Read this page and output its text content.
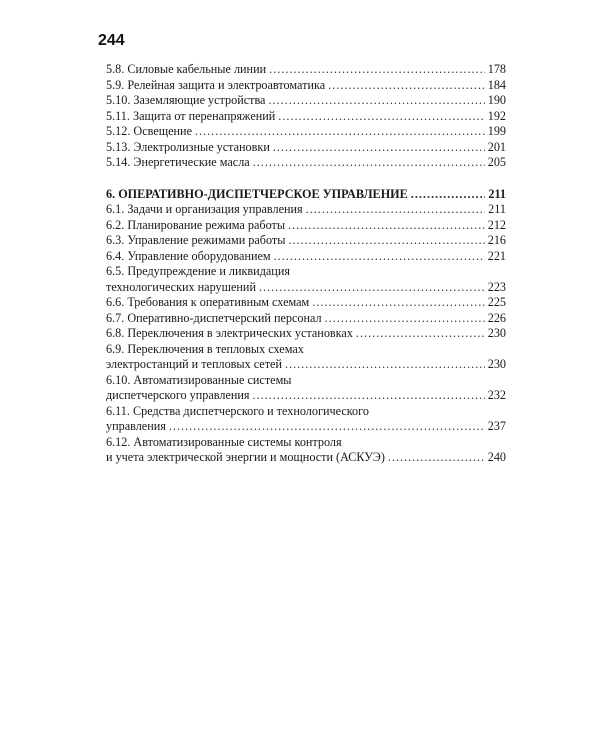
244
5.8. Силовые кабельные линии .....	178
5.9. Релейная защита и электроавтоматика .....	184
5.10. Заземляющие устройства .....	190
5.11. Защита от перенапряжений .....	192
5.12. Освещение .....	199
5.13. Электролизные установки .....	201
5.14. Энергетические масла .....	205
6. ОПЕРАТИВНО-ДИСПЕТЧЕРСКОЕ УПРАВЛЕНИЕ .....	211
6.1. Задачи и организация управления .....	211
6.2. Планирование режима работы .....	212
6.3. Управление режимами работы .....	216
6.4. Управление оборудованием .....	221
6.5. Предупреждение и ликвидация
технологических нарушений .....	223
6.6. Требования к оперативным схемам .....	225
6.7. Оперативно-диспетчерский персонал .....	226
6.8. Переключения в электрических установках .....	230
6.9. Переключения в тепловых схемах
электростанций и тепловых сетей .....	230
6.10. Автоматизированные системы
диспетчерского управления .....	232
6.11. Средства диспетчерского и технологического
управления .....	237
6.12. Автоматизированные системы контроля
и учета электрической энергии и мощности (АСКУЭ) .....	240
